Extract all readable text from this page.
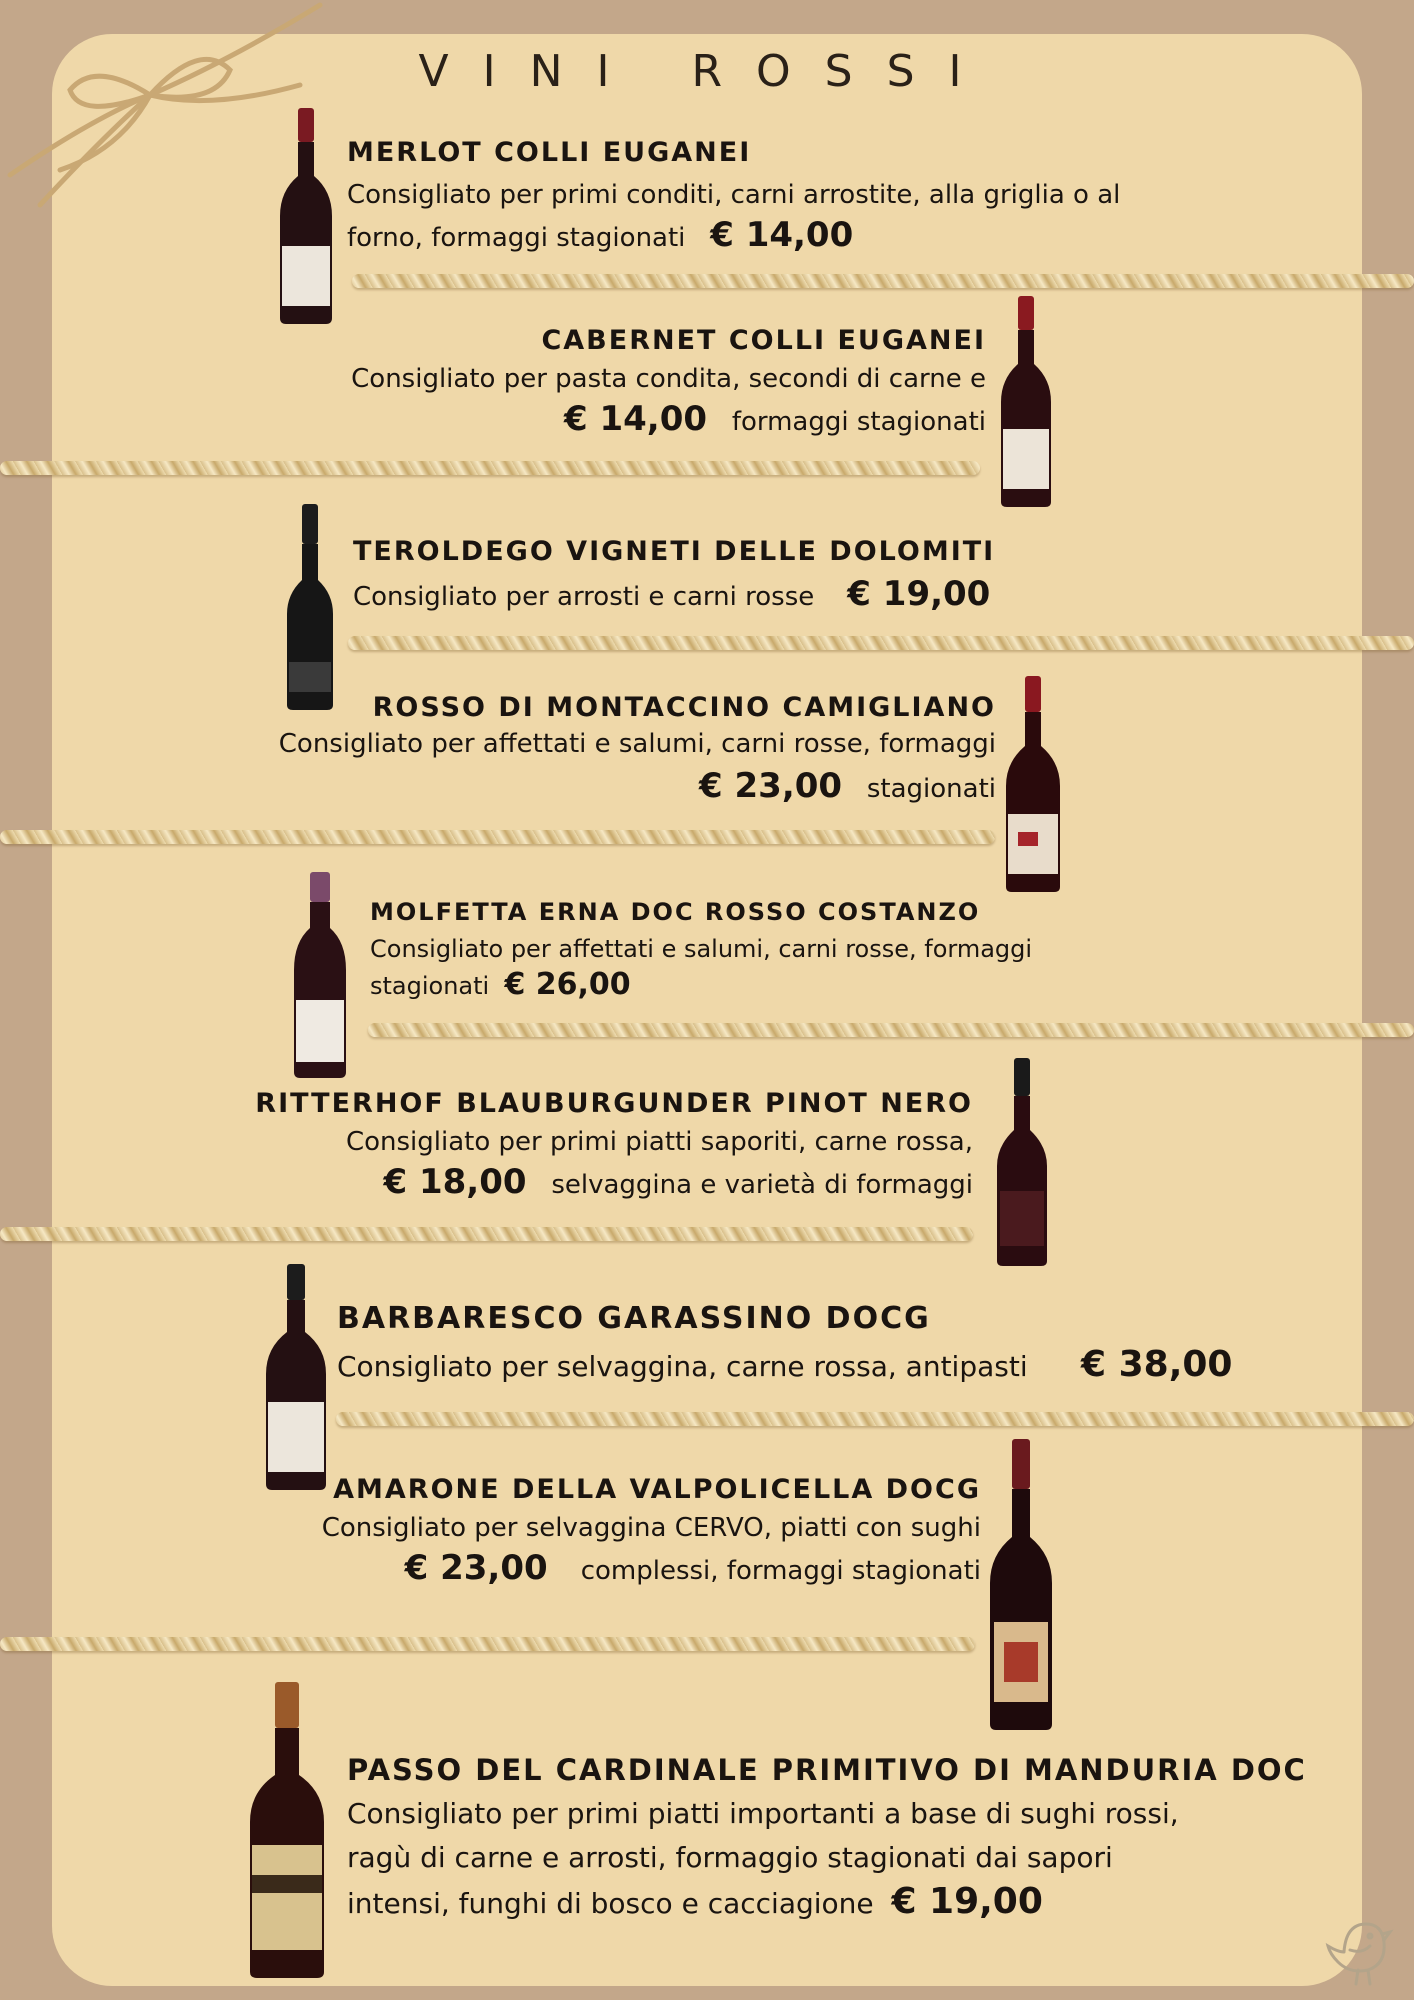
VINI ROSSI
MERLOT COLLI EUGANEI
Consigliato per primi conditi, carni arrostite, alla griglia o al
forno, formaggi stagionati € 14,00
CABERNET COLLI EUGANEI
Consigliato per pasta condita, secondi di carne e
€ 14,00 formaggi stagionati
TEROLDEGO VIGNETI DELLE DOLOMITI
Consigliato per arrosti e carni rosse € 19,00
ROSSO DI MONTACCINO CAMIGLIANO
Consigliato per affettati e salumi, carni rosse, formaggi
€ 23,00 stagionati
MOLFETTA ERNA DOC ROSSO COSTANZO
Consigliato per affettati e salumi, carni rosse, formaggi
stagionati € 26,00
RITTERHOF BLAUBURGUNDER PINOT NERO
Consigliato per primi piatti saporiti, carne rossa,
€ 18,00 selvaggina e varietà di formaggi
BARBARESCO GARASSINO DOCG
Consigliato per selvaggina, carne rossa, antipasti € 38,00
AMARONE DELLA VALPOLICELLA DOCG
Consigliato per selvaggina CERVO, piatti con sughi
€ 23,00 complessi, formaggi stagionati
PASSO DEL CARDINALE PRIMITIVO DI MANDURIA DOC
Consigliato per primi piatti importanti a base di sughi rossi,
ragù di carne e arrosti, formaggio stagionati dai sapori
intensi, funghi di bosco e cacciagione € 19,00
